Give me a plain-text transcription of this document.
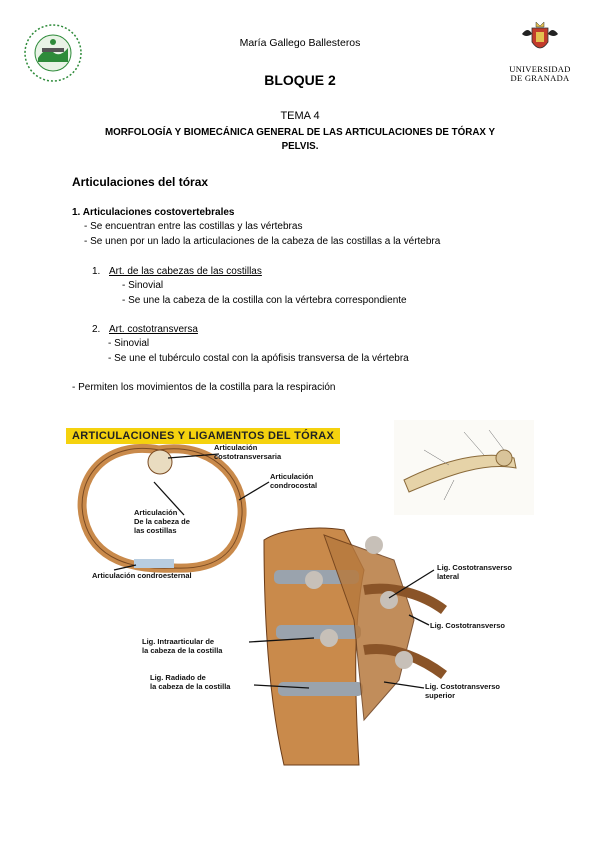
María Gallego Ballesteros
UNIVERSIDAD
DE GRANADA
BLOQUE 2
TEMA 4
MORFOLOGÍA Y BIOMECÁNICA GENERAL DE LAS ARTICULACIONES DE TÓRAX Y
PELVIS.
Articulaciones del tórax
1. Articulaciones costovertebrales
- Se encuentran entre las costillas y las vértebras
- Se unen por un lado la articulaciones de la cabeza de las costillas a la vértebra
1. Art. de las cabezas de las costillas
- Sinovial
- Se une la cabeza de la costilla con la vértebra correspondiente
2. Art. costotransversa
- Sinovial
- Se une el tubérculo costal con la apófisis transversa de la vértebra
- Permiten los movimientos de la costilla para la respiración
ARTICULACIONES Y LIGAMENTOS DEL TÓRAX
Articulación
costotransversaria
Articulación
condrocostal
Articulación
De la cabeza de
las costillas
Articulación condroesternal
Lig. Costotransverso
lateral
Lig. Costotransverso
Lig. Intraarticular de
la cabeza de la costilla
Lig. Radiado de
la cabeza de la costilla	Lig. Costotransverso
superior
